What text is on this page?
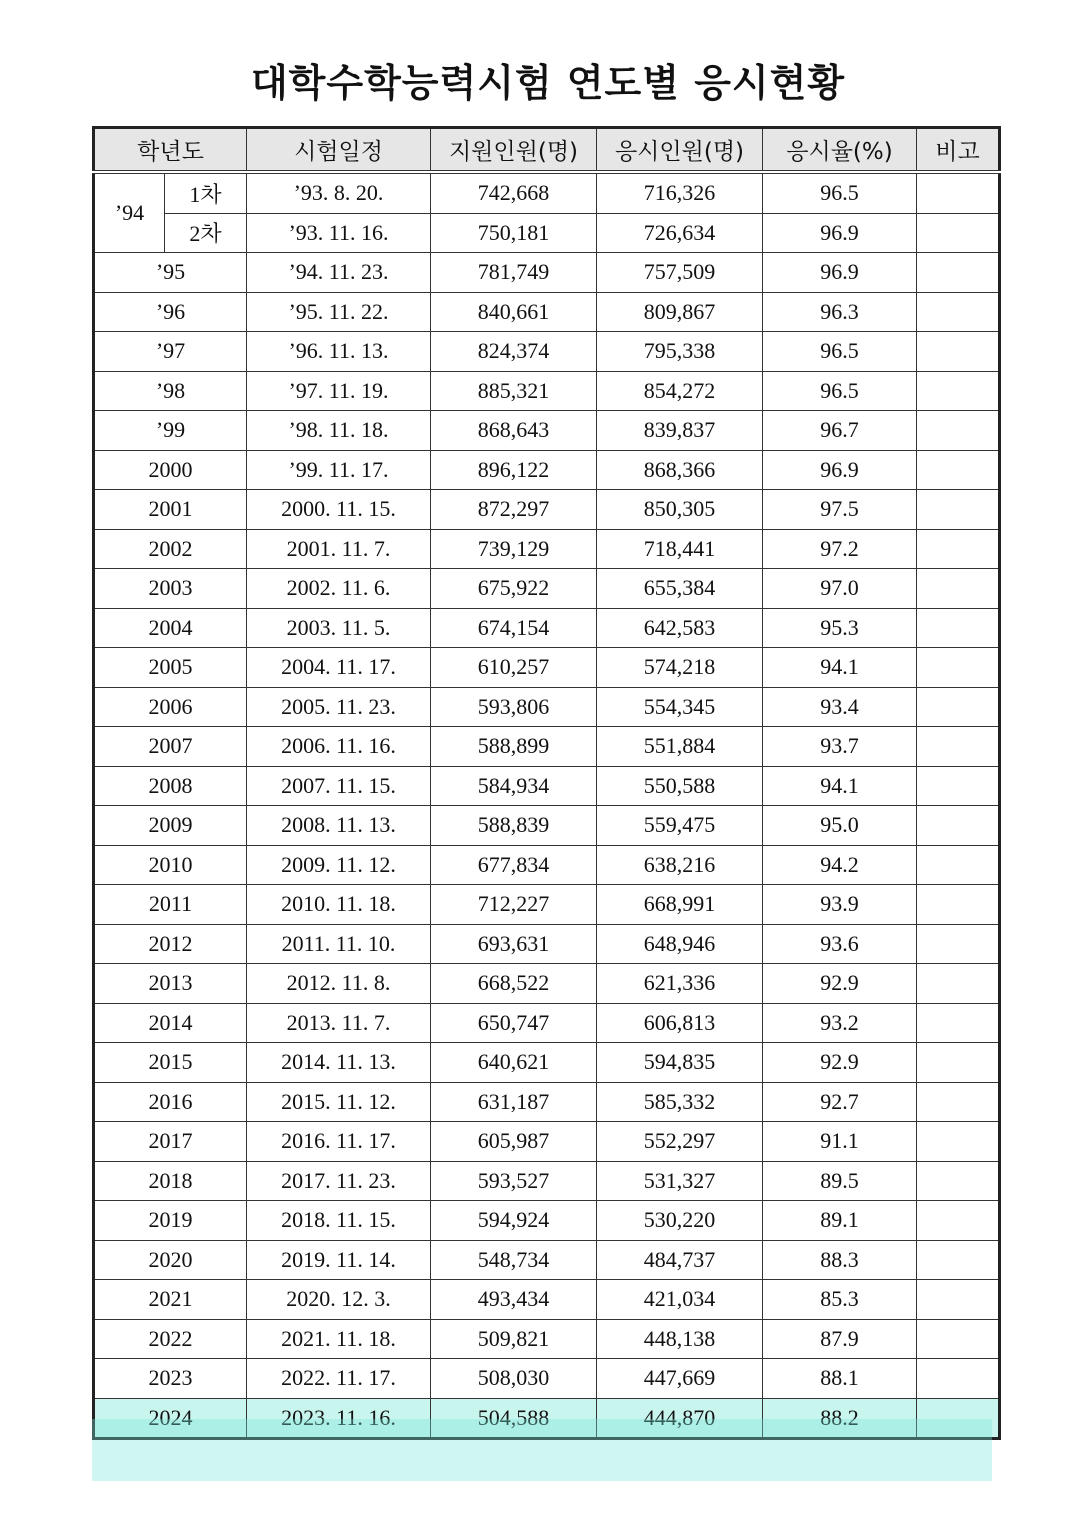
대학수학능력시험 연도별 응시현황
학년도		시험일정	지원인원(명)	응시인원(명)	응시율(%)	비고
’94	1차	’93. 8. 20.	742,668	716,326	96.5	
	2차	’93. 11. 16.	750,181	726,634	96.9	
’95		’94. 11. 23.	781,749	757,509	96.9	
’96		’95. 11. 22.	840,661	809,867	96.3	
’97		’96. 11. 13.	824,374	795,338	96.5	
’98		’97. 11. 19.	885,321	854,272	96.5	
’99		’98. 11. 18.	868,643	839,837	96.7	
2000		’99. 11. 17.	896,122	868,366	96.9	
2001		2000. 11. 15.	872,297	850,305	97.5	
2002		2001. 11. 7.	739,129	718,441	97.2	
2003		2002. 11. 6.	675,922	655,384	97.0	
2004		2003. 11. 5.	674,154	642,583	95.3	
2005		2004. 11. 17.	610,257	574,218	94.1	
2006		2005. 11. 23.	593,806	554,345	93.4	
2007		2006. 11. 16.	588,899	551,884	93.7	
2008		2007. 11. 15.	584,934	550,588	94.1	
2009		2008. 11. 13.	588,839	559,475	95.0	
2010		2009. 11. 12.	677,834	638,216	94.2	
2011		2010. 11. 18.	712,227	668,991	93.9	
2012		2011. 11. 10.	693,631	648,946	93.6	
2013		2012. 11. 8.	668,522	621,336	92.9	
2014		2013. 11. 7.	650,747	606,813	93.2	
2015		2014. 11. 13.	640,621	594,835	92.9	
2016		2015. 11. 12.	631,187	585,332	92.7	
2017		2016. 11. 17.	605,987	552,297	91.1	
2018		2017. 11. 23.	593,527	531,327	89.5	
2019		2018. 11. 15.	594,924	530,220	89.1	
2020		2019. 11. 14.	548,734	484,737	88.3	
2021		2020. 12. 3.	493,434	421,034	85.3	
2022		2021. 11. 18.	509,821	448,138	87.9	
2023		2022. 11. 17.	508,030	447,669	88.1	
2024		2023. 11. 16.	504,588	444,870	88.2	
